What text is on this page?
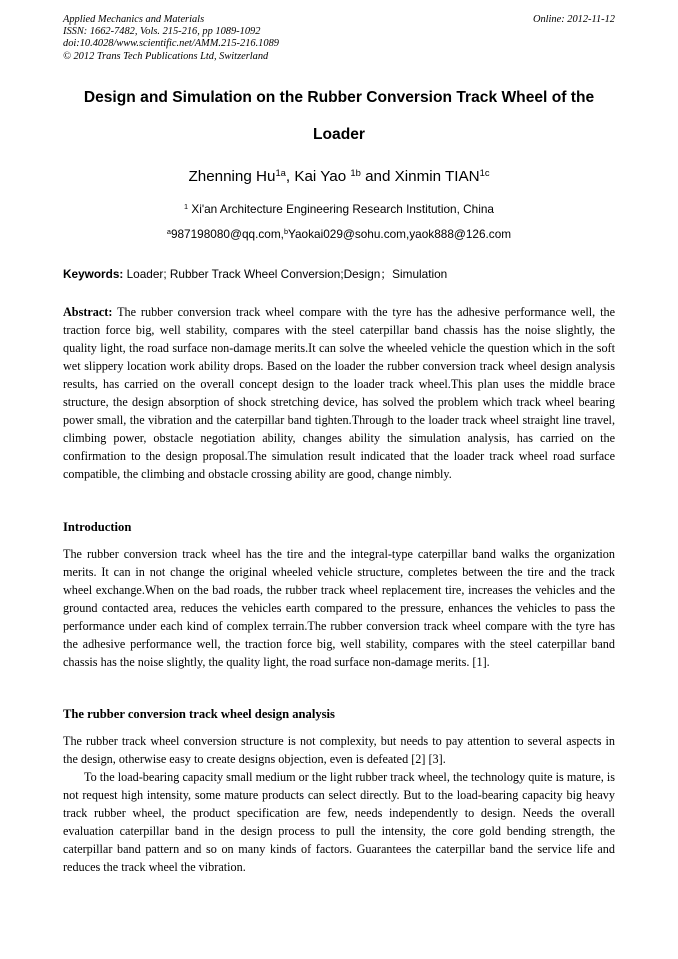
Applied Mechanics and Materials
ISSN: 1662-7482, Vols. 215-216, pp 1089-1092
doi:10.4028/www.scientific.net/AMM.215-216.1089
© 2012 Trans Tech Publications Ltd, Switzerland
Online: 2012-11-12
Design and Simulation on the Rubber Conversion Track Wheel of the
Loader
Zhenning $Hu^{1a}$, Kai Yao $^{1b}$ and Xinmin $TIAN^{1c}$
$^1$ Xi'an Architecture Engineering Research Institution, China
$^a$987198080@qq.com,$^b$Yaokai029@sohu.com,yaok888@126.com
Keywords: Loader; Rubber Track Wheel Conversion;Design；Simulation
Abstract: The rubber conversion track wheel compare with the tyre has the adhesive performance well, the traction force big, well stability, compares with the steel caterpillar band chassis has the noise slightly, the quality light, the road surface non-damage merits.It can solve the wheeled vehicle the question which in the soft wet slippery location work ability drops. Based on the loader the rubber conversion track wheel design analysis results, has carried on the overall concept design to the loader track wheel.This plan uses the middle brace structure, the design absorption of shock stretching device, has solved the problem which track wheel bearing power small, the vibration and the caterpillar band tighten.Through to the loader track wheel straight line travel, climbing power, obstacle negotiation ability, changes ability the simulation analysis, has carried on the confirmation to the design proposal.The simulation result indicated that the loader track wheel road surface compatible, the climbing and obstacle crossing ability are good, change nimbly.
Introduction
The rubber conversion track wheel has the tire and the integral-type caterpillar band walks the organization merits. It can in not change the original wheeled vehicle structure, completes between the tire and the track wheel exchange.When on the bad roads, the rubber track wheel replacement tire, increases the vehicles and the ground contacted area, reduces the vehicles earth compared to the pressure, enhances the vehicles to pass the performance under each kind of complex terrain.The rubber conversion track wheel compare with the tyre has the adhesive performance well, the traction force big, well stability, compares with the steel caterpillar band chassis has the noise slightly, the quality light, the road surface non-damage merits. [1].
The rubber conversion track wheel design analysis
The rubber track wheel conversion structure is not complexity, but needs to pay attention to several aspects in the design, otherwise easy to create designs objection, even is defeated [2] [3].
To the load-bearing capacity small medium or the light rubber track wheel, the technology quite is mature, is not request high intensity, some mature products can select directly. But to the load-bearing capacity big heavy track rubber wheel, the product specification are few, needs independently to design. Needs the overall evaluation caterpillar band in the design process to pull the intensity, the core gold bending strength, the caterpillar band pattern and so on many kinds of factors. Guarantees the caterpillar band the service life and reduces the track wheel the vibration.
